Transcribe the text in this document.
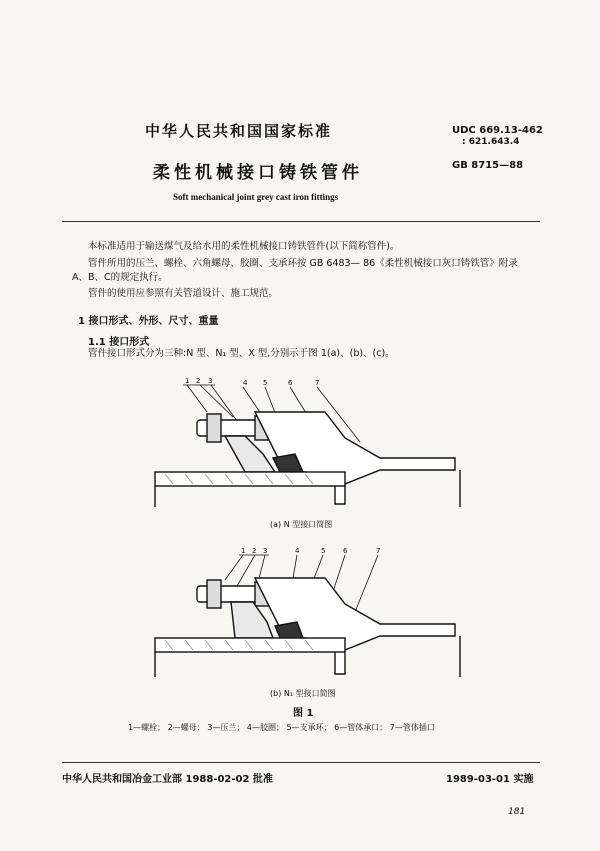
中华人民共和国国家标准	UDC 669.13-462
: 621.643.4
GB 8715—88
柔性机械接口铸铁管件
Soft mechanical joint grey cast iron fittings
本标准适用于输送煤气及给水用的柔性机械接口铸铁管件(以下简称管件)。
管件所用的压兰、螺栓、六角螺母、胶圈、支承环按 GB 6483— 86《柔性机械接口灰口铸铁管》附录
A、B、C的规定执行。
管件的使用应参照有关管道设计、施工规范。
1 接口形式、外形、尺寸、重量
1.1 接口形式
管件接口形式分为三种:N 型、N₁ 型、X 型,分别示于图 1(a)、(b)、(c)。
1 2 3	4 5	6	7
(a) N 型接口简图
1 2 3	4	5	6	7
(b) N₁ 型接口简图
图 1
1—螺栓； 2—螺母； 3—压兰； 4—胶圈； 5—支承环； 6—管体承口； 7—管体插口
中华人民共和国冶金工业部 1988-02-02 批准	1989-03-01 实施
181
